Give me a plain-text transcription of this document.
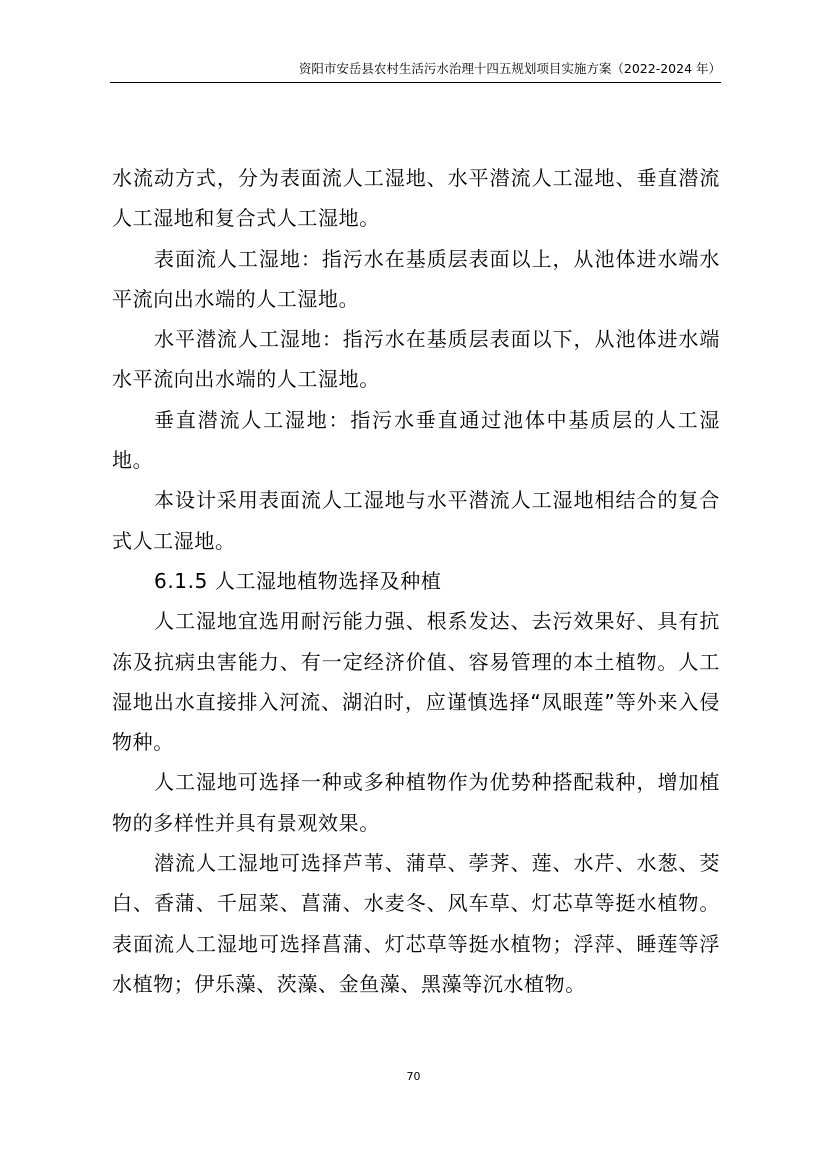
资阳市安岳县农村生活污水治理十四五规划项目实施方案（2022-2024 年）

水流动方式，分为表面流人工湿地、水平潜流人工湿地、垂直潜流人工湿地和复合式人工湿地。

表面流人工湿地：指污水在基质层表面以上，从池体进水端水平流向出水端的人工湿地。

水平潜流人工湿地：指污水在基质层表面以下，从池体进水端水平流向出水端的人工湿地。

垂直潜流人工湿地：指污水垂直通过池体中基质层的人工湿地。

本设计采用表面流人工湿地与水平潜流人工湿地相结合的复合式人工湿地。

6.1.5 人工湿地植物选择及种植

人工湿地宜选用耐污能力强、根系发达、去污效果好、具有抗冻及抗病虫害能力、有一定经济价值、容易管理的本土植物。人工湿地出水直接排入河流、湖泊时，应谨慎选择“凤眼莲”等外来入侵物种。

人工湿地可选择一种或多种植物作为优势种搭配栽种，增加植物的多样性并具有景观效果。

潜流人工湿地可选择芦苇、蒲草、荸荠、莲、水芹、水葱、茭白、香蒲、千屈菜、菖蒲、水麦冬、风车草、灯芯草等挺水植物。表面流人工湿地可选择菖蒲、灯芯草等挺水植物；浮萍、睡莲等浮水植物；伊乐藻、茨藻、金鱼藻、黑藻等沉水植物。

70
